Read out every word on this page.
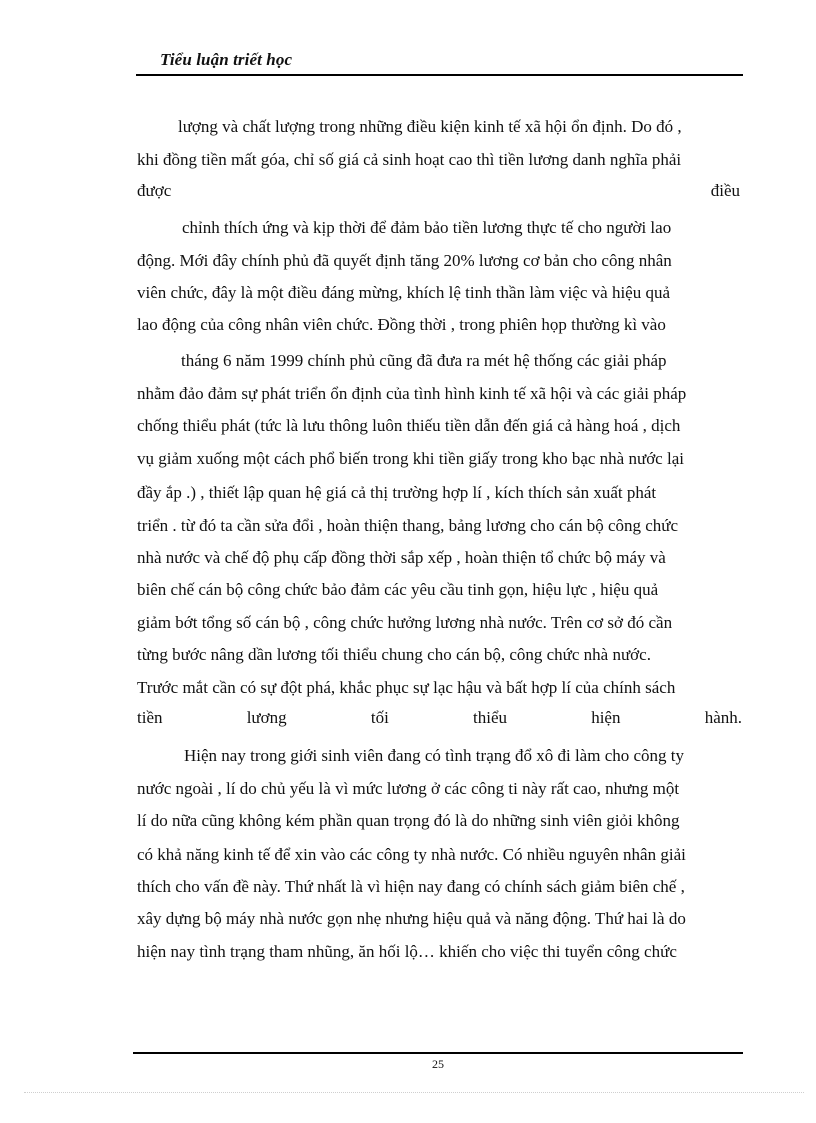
Tiểu luận triết học
lượng và chất lượng trong những điều kiện kinh tế xã hội ổn định. Do đó ,
khi đồng tiền mất góa, chỉ số giá cả sinh hoạt cao thì tiền lương danh nghĩa phải
được	điều
chỉnh thích ứng và kịp thời để đảm bảo tiền lương thực tế cho người lao
động. Mới đây chính phủ đã quyết định tăng 20% lương cơ bản cho công nhân
viên chức, đây là một điều đáng mừng, khích lệ tinh thần làm việc và hiệu quả
lao động của công nhân viên chức. Đồng thời , trong phiên họp thường kì vào
tháng 6 năm 1999 chính phủ cũng đã đưa ra mét hệ thống các giải pháp
nhằm đảo đảm sự phát triển ổn định của tình hình kinh tế xã hội và các giải pháp
chống thiểu phát (tức là lưu thông luôn thiếu tiền dẫn đến giá cả hàng hoá , dịch
vụ giảm xuống một cách phổ biến trong khi tiền giấy trong kho bạc nhà nước lại
đầy ắp .) , thiết lập quan hệ giá cả thị trường hợp lí , kích thích sản xuất phát
triển . từ đó ta cần sửa đổi , hoàn thiện thang, bảng lương cho cán bộ công chức
nhà nước và chế độ phụ cấp đồng thời sắp xếp , hoàn thiện tổ chức bộ máy và
biên chế cán bộ công chức bảo đảm các yêu cầu tinh gọn, hiệu lực , hiệu quả
giảm bớt tổng số cán bộ , công chức hưởng lương nhà nước. Trên cơ sở đó cần
từng bước nâng dần lương tối thiểu chung cho cán bộ, công chức nhà nước.
Trước mắt cần có sự đột phá, khắc phục sự lạc hậu và bất hợp lí của chính sách
tiền	lương	tối	thiểu	hiện	hành.
Hiện nay trong giới sinh viên đang có tình trạng đổ xô đi làm cho công ty
nước ngoài , lí do chủ yếu là vì mức lương ở các công ti này rất cao, nhưng một
lí do nữa cũng không kém phần quan trọng đó là do những sinh viên giỏi không
có khả năng kinh tế để xin vào các công ty nhà nước. Có nhiều nguyên nhân giải
thích cho vấn đề này. Thứ nhất là vì hiện nay đang có chính sách giảm biên chế ,
xây dựng bộ máy nhà nước gọn nhẹ nhưng hiệu quả và năng động. Thứ hai là do
hiện nay tình trạng tham nhũng, ăn hối lộ… khiến cho việc thi tuyển công chức
25
